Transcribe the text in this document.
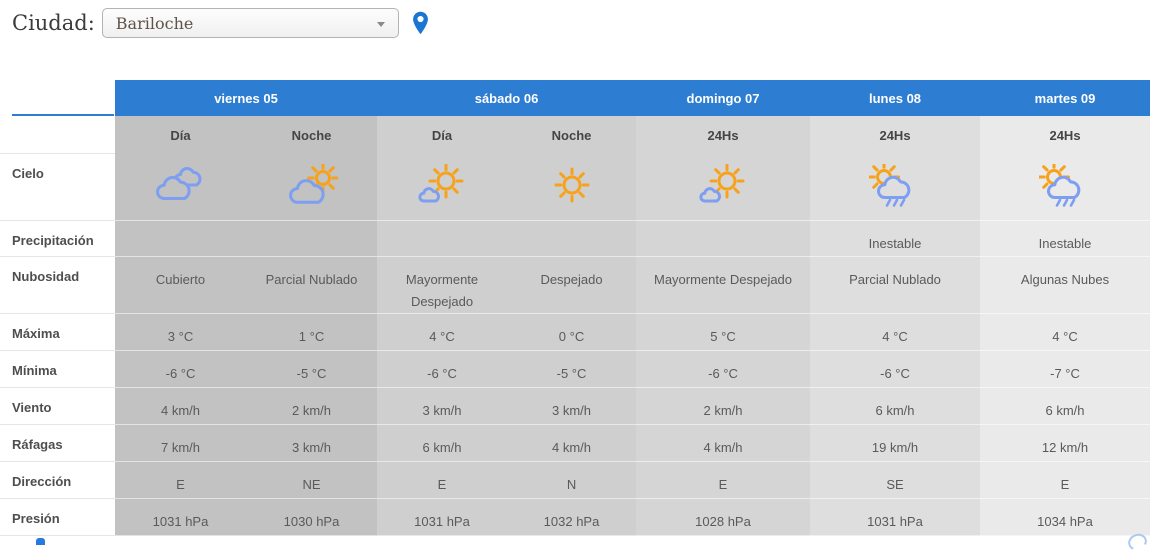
Ciudad: Bariloche
	viernes 05		sábado 06		domingo 07	lunes 08	martes 09
	Día	Noche	Día	Noche	24Hs	24Hs	24Hs
Cielo							
Precipitación						Inestable	Inestable
Nubosidad	Cubierto	Parcial Nublado	Mayormente Despejado	Despejado	Mayormente Despejado	Parcial Nublado	Algunas Nubes
Máxima	3 °C	1 °C	4 °C	0 °C	5 °C	4 °C	4 °C
Mínima	-6 °C	-5 °C	-6 °C	-5 °C	-6 °C	-6 °C	-7 °C
Viento	4 km/h	2 km/h	3 km/h	3 km/h	2 km/h	6 km/h	6 km/h
Ráfagas	7 km/h	3 km/h	6 km/h	4 km/h	4 km/h	19 km/h	12 km/h
Dirección	E	NE	E	N	E	SE	E
Presión	1031 hPa	1030 hPa	1031 hPa	1032 hPa	1028 hPa	1031 hPa	1034 hPa
